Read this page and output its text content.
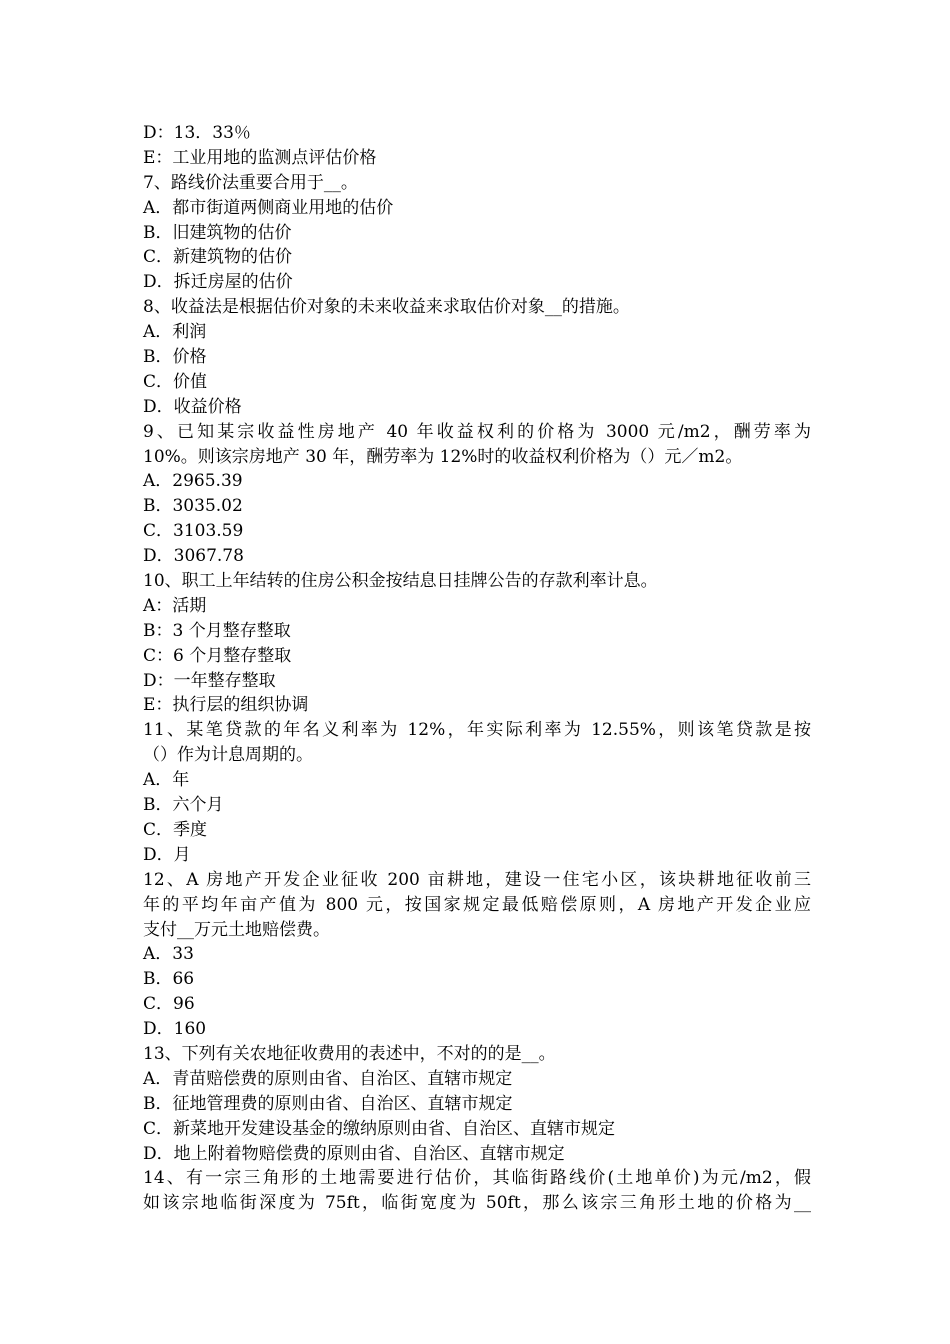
D：13．33％
E：工业用地的监测点评估价格
7、路线价法重要合用于__。
A．都市街道两侧商业用地的估价
B．旧建筑物的估价
C．新建筑物的估价
D．拆迁房屋的估价
8、收益法是根据估价对象的未来收益来求取估价对象__的措施。
A．利润
B．价格
C．价值
D．收益价格
9、已知某宗收益性房地产 40 年收益权利的价格为 3000 元/m2，酬劳率为
10%。则该宗房地产 30 年，酬劳率为 12%时的收益权利价格为（）元／m2。
A．2965.39
B．3035.02
C．3103.59
D．3067.78
10、职工上年结转的住房公积金按结息日挂牌公告的存款利率计息。
A：活期
B：3 个月整存整取
C：6 个月整存整取
D：一年整存整取
E：执行层的组织协调
11、某笔贷款的年名义利率为 12%，年实际利率为 12.55%，则该笔贷款是按
（）作为计息周期的。
A．年
B．六个月
C．季度
D．月
12、A 房地产开发企业征收 200 亩耕地，建设一住宅小区，该块耕地征收前三
年的平均年亩产值为 800 元，按国家规定最低赔偿原则，A 房地产开发企业应
支付__万元土地赔偿费。
A．33
B．66
C．96
D．160
13、下列有关农地征收费用的表述中，不对的的是__。
A．青苗赔偿费的原则由省、自治区、直辖市规定
B．征地管理费的原则由省、自治区、直辖市规定
C．新菜地开发建设基金的缴纳原则由省、自治区、直辖市规定
D．地上附着物赔偿费的原则由省、自治区、直辖市规定
14、有一宗三角形的土地需要进行估价，其临街路线价(土地单价)为元/m2，假
如该宗地临街深度为 75ft，临街宽度为 50ft，那么该宗三角形土地的价格为__
